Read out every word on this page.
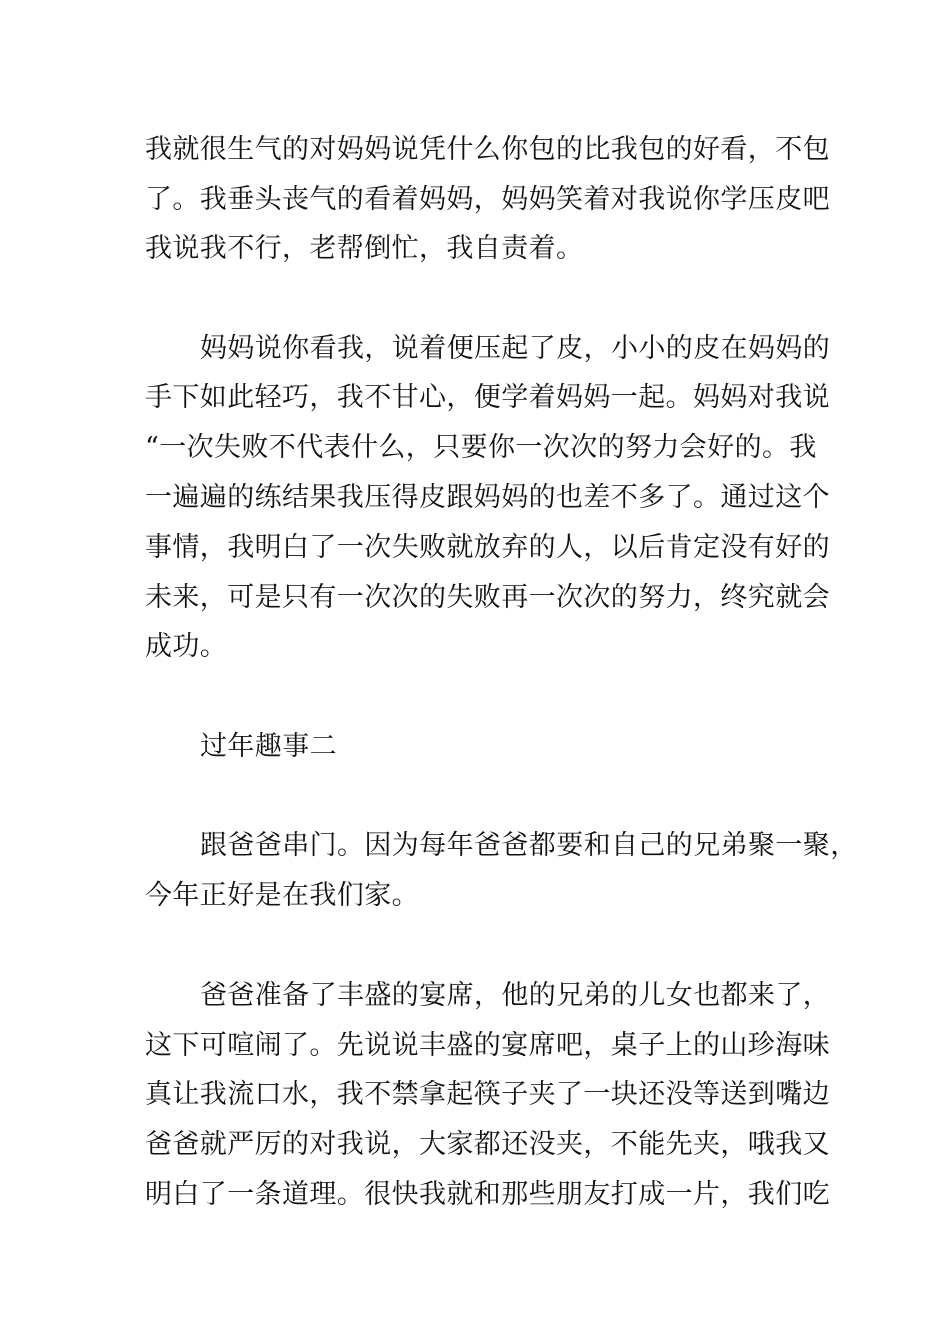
我就很生气的对妈妈说凭什么你包的比我包的好看，不包
了。我垂头丧气的看着妈妈，妈妈笑着对我说你学压皮吧
我说我不行，老帮倒忙，我自责着。
妈妈说你看我，说着便压起了皮，小小的皮在妈妈的
手下如此轻巧，我不甘心，便学着妈妈一起。妈妈对我说
“一次失败不代表什么，只要你一次次的努力会好的。我
一遍遍的练结果我压得皮跟妈妈的也差不多了。通过这个
事情，我明白了一次失败就放弃的人，以后肯定没有好的
未来，可是只有一次次的失败再一次次的努力，终究就会
成功。
过年趣事二
跟爸爸串门。因为每年爸爸都要和自己的兄弟聚一聚，
今年正好是在我们家。
爸爸准备了丰盛的宴席，他的兄弟的儿女也都来了，
这下可喧闹了。先说说丰盛的宴席吧，桌子上的山珍海味
真让我流口水，我不禁拿起筷子夹了一块还没等送到嘴边
爸爸就严厉的对我说，大家都还没夹，不能先夹，哦我又
明白了一条道理。很快我就和那些朋友打成一片，我们吃
